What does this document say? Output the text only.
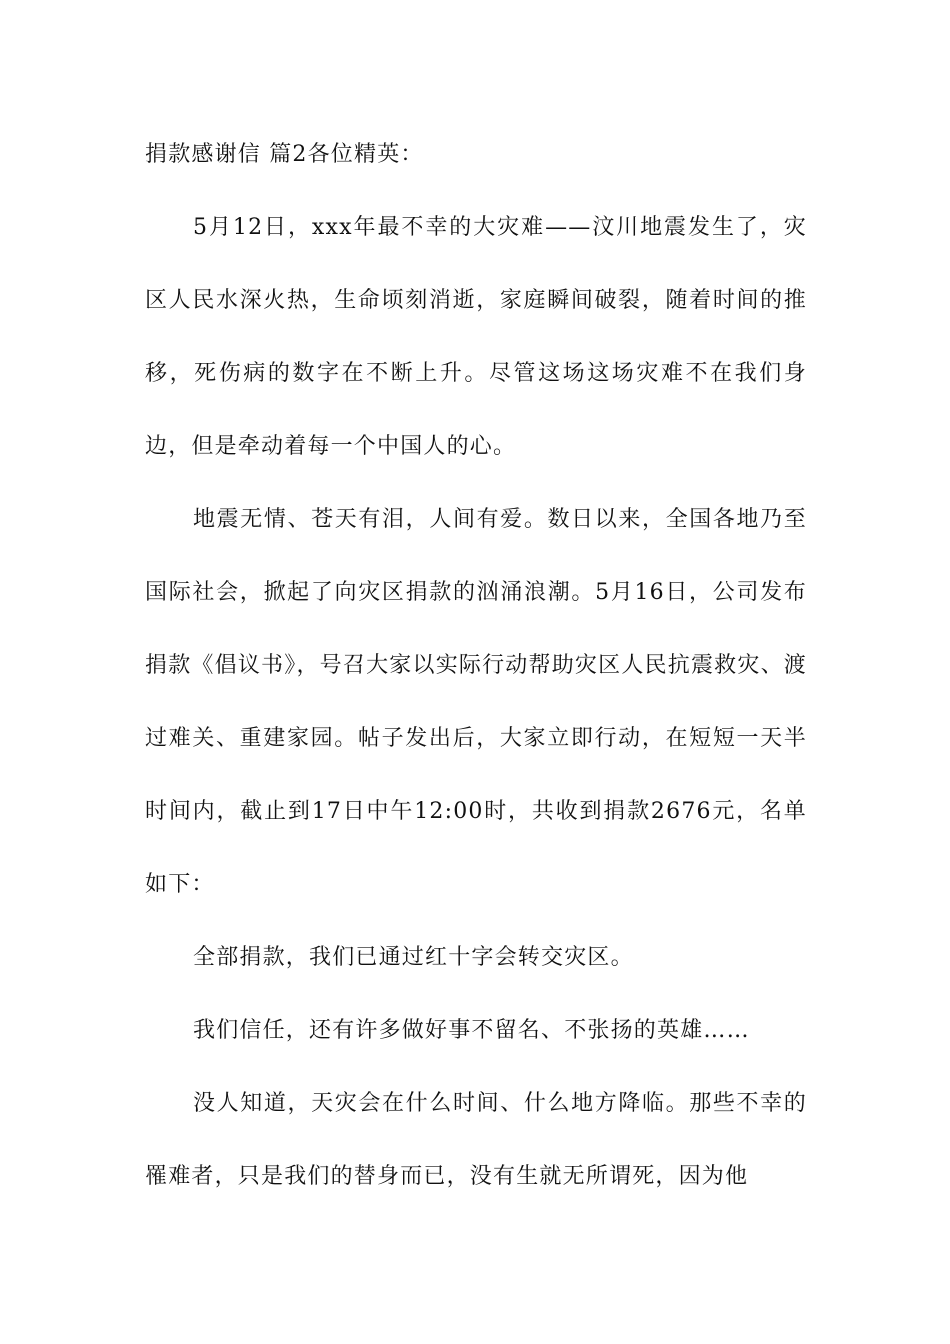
捐款感谢信 篇2各位精英：

5月12日，xxx年最不幸的大灾难——汶川地震发生了，灾区人民水深火热，生命顷刻消逝，家庭瞬间破裂，随着时间的推移，死伤病的数字在不断上升。尽管这场这场灾难不在我们身边，但是牵动着每一个中国人的心。

地震无情、苍天有泪，人间有爱。数日以来，全国各地乃至国际社会，掀起了向灾区捐款的汹涌浪潮。5月16日，公司发布捐款《倡议书》，号召大家以实际行动帮助灾区人民抗震救灾、渡过难关、重建家园。帖子发出后，大家立即行动，在短短一天半时间内，截止到17日中午12:00时，共收到捐款2676元，名单如下：

全部捐款，我们已通过红十字会转交灾区。

我们信任，还有许多做好事不留名、不张扬的英雄……

没人知道，天灾会在什么时间、什么地方降临。那些不幸的罹难者，只是我们的替身而已，没有生就无所谓死，因为他
